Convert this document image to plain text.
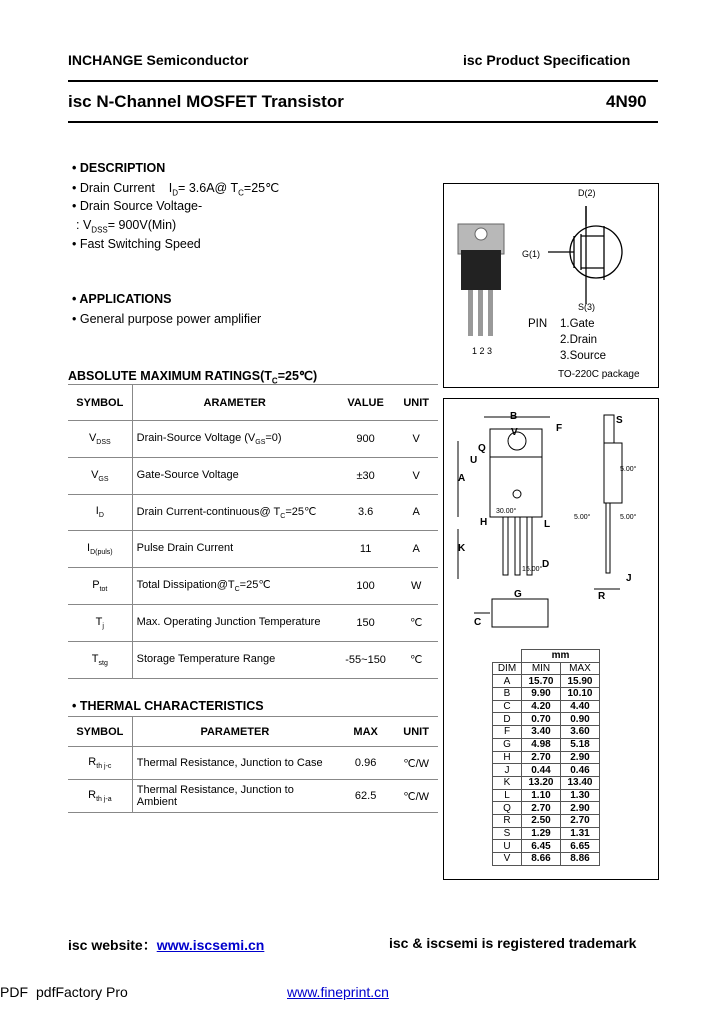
INCHANGE Semiconductor	isc Product Specification
isc N-Channel MOSFET Transistor	4N90
• DESCRIPTION
• Drain Current $I_D=$ 3.6A@ $T_C=25℃$
• Drain Source Voltage-
: $V_{DSS}= 900V(Min)$
• Fast Switching Speed
• APPLICATIONS
• General purpose power amplifier
D(2)
G(1)
S(3)
1 2 3
PIN 1.Gate
2.Drain
3.Source
TO-220C package
ABSOLUTE MAXIMUM $RATINGS(T_C=25℃)$
SYMBOL	ARAMETER	VALUE	UNIT
$V_{DSS}$	Drain-Source Voltage $(V_{GS}=0)$	900	V
$V_{GS}$	Gate-Source Voltage	±30	V
$I_D$	Drain Current-continuous@ $T_C=25℃$	3.6	A
$I_{D(puls)}$	Pulse Drain Current	11	A
$P_{tot}$	Total $Dissipation@T_C=25℃$	100	W
$T_j$	Max. Operating Junction Temperature	150	℃
$T_{stg}$	Storage Temperature Range	-55~150	℃
• THERMAL CHARACTERISTICS
SYMBOL	PARAMETER	MAX	UNIT
$R_{th j-c}$	Thermal Resistance, Junction to Case	0.96	℃/W
$R_{th j-a}$	Thermal Resistance, Junction to Ambient	62.5	℃/W
B
V
S
F
Q
U
A
H	L
K
D
G
C
R
J
30.00°
15.00°
5.00°
5.00°	5.00°
	mm	
DIM	MIN	MAX
A	15.70	15.90
B	9.90	10.10
C	4.20	4.40
D	0.70	0.90
F	3.40	3.60
G	4.98	5.18
H	2.70	2.90
J	0.44	0.46
K	13.20	13.40
L	1.10	1.30
Q	2.70	2.90
R	2.50	2.70
S	1.29	1.31
U	6.45	6.65
V	8.66	8.86
isc website：www.iscsemi.cn	isc & iscsemi is registered trademark
PDF pdfFactory Pro	www.fineprint.cn
